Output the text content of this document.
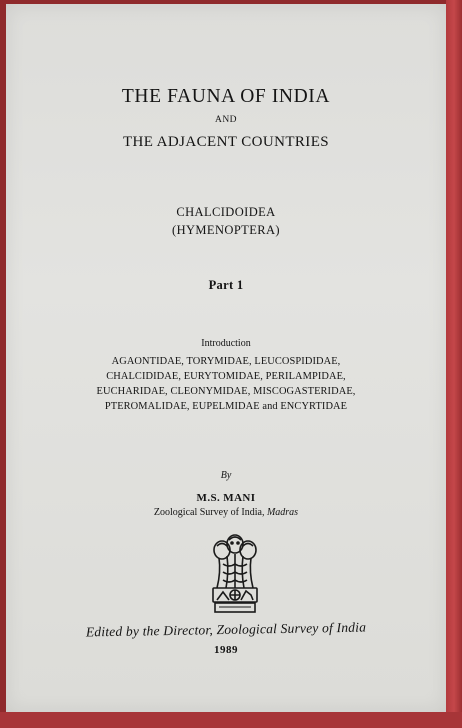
THE FAUNA OF INDIA
AND
THE ADJACENT COUNTRIES
CHALCIDOIDEA
(HYMENOPTERA)
Part 1
Introduction
AGAONTIDAE, TORYMIDAE, LEUCOSPIDIDAE,
CHALCIDIDAE, EURYTOMIDAE, PERILAMPIDAE,
EUCHARIDAE, CLEONYMIDAE, MISCOGASTERIDAE,
PTEROMALIDAE, EUPELMIDAE and ENCYRTIDAE
By
M.S. MANI
Zoological Survey of India, Madras
Edited by the Director, Zoological Survey of India
1989
